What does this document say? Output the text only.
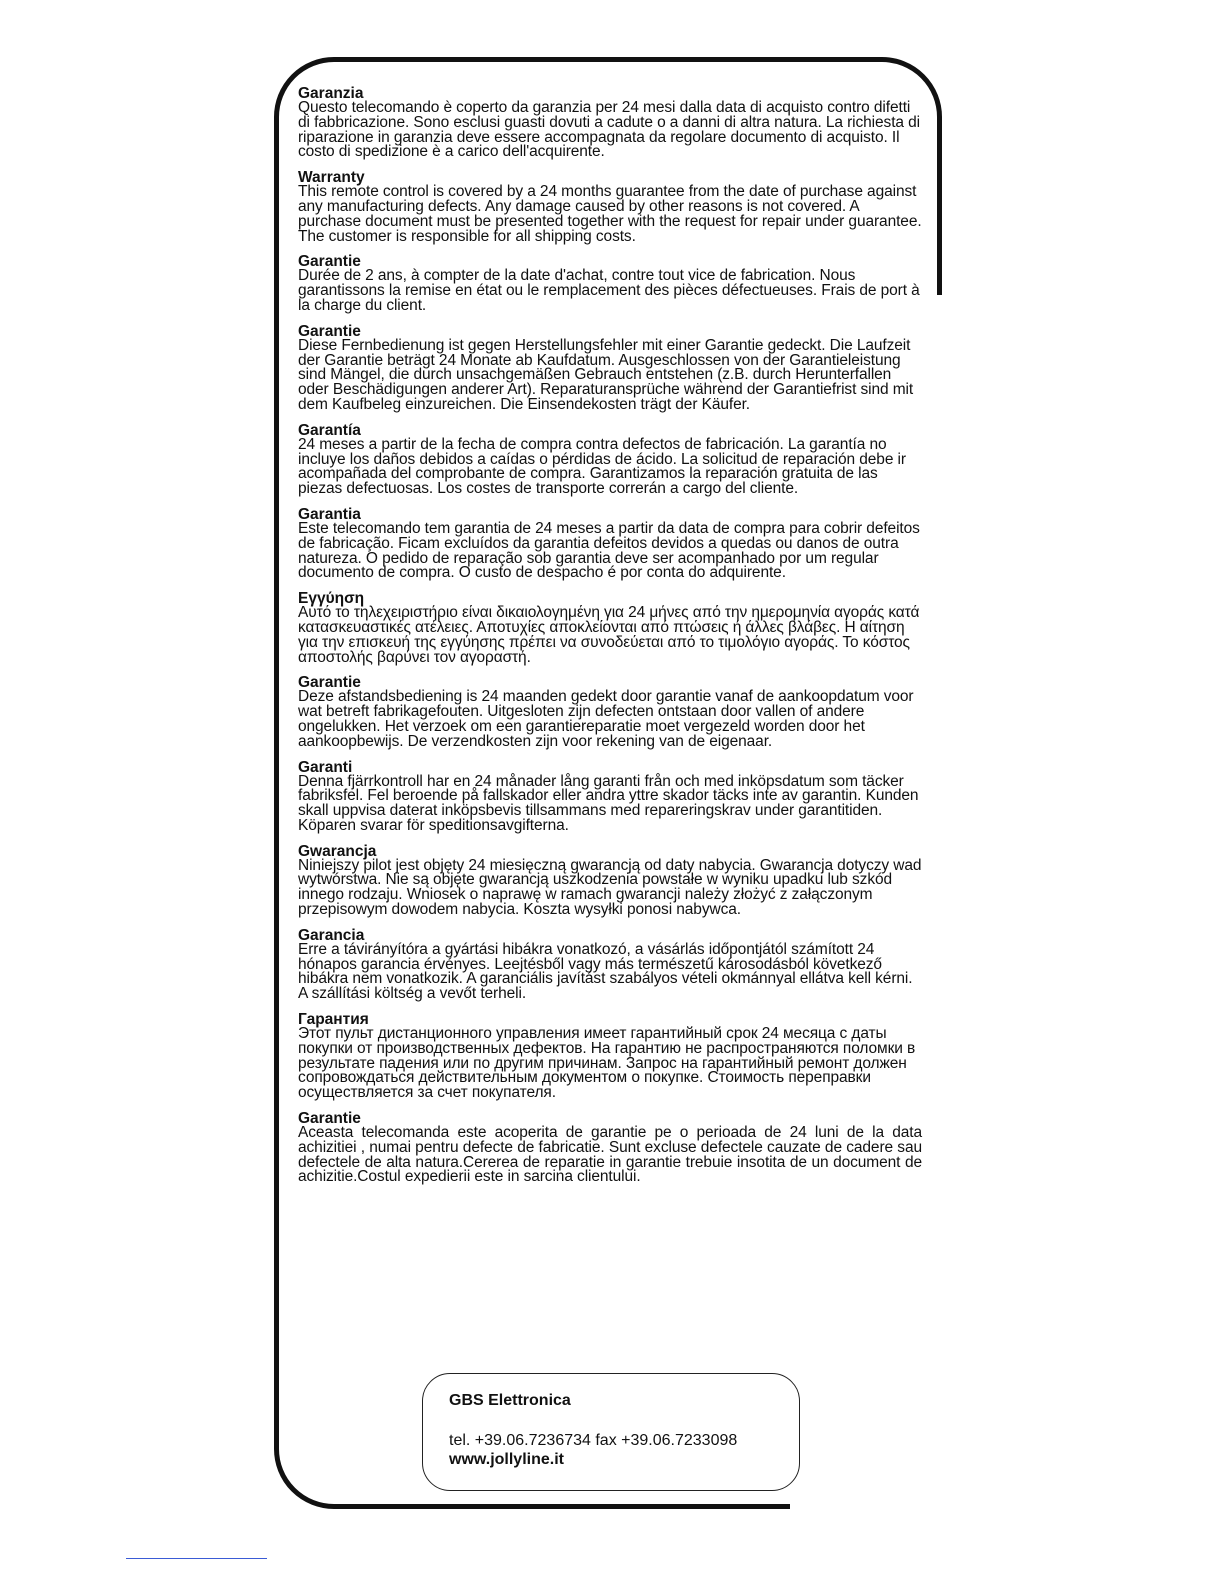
Garanzia

Questo telecomando è coperto da garanzia per 24 mesi dalla data di acquisto contro difetti di fabbricazione. Sono esclusi guasti dovuti a cadute o a danni di altra natura. La richiesta di riparazione in garanzia deve essere accompagnata da regolare documento di acquisto. Il costo di spedizione è a carico dell'acquirente.

Warranty

This remote control is covered by a 24 months guarantee from the date of purchase against any manufacturing defects. Any damage caused by other reasons is not covered. A purchase document must be presented together with the request for repair under guarantee. The customer is responsible for all shipping costs.

Garantie

Durée de 2 ans, à compter de la date d'achat, contre tout vice de fabrication. Nous garantissons la remise en état ou le remplacement des pièces défectueuses. Frais de port à la charge du client.

Garantie

Diese Fernbedienung ist gegen Herstellungsfehler mit einer Garantie gedeckt. Die Laufzeit der Garantie beträgt 24 Monate ab Kaufdatum. Ausgeschlossen von der Garantieleistung sind Mängel, die durch unsachgemäßen Gebrauch entstehen (z.B. durch Herunterfallen oder Beschädigungen anderer Art). Reparaturansprüche während der Garantiefrist sind mit dem Kaufbeleg einzureichen. Die Einsendekosten trägt der Käufer.

Garantía

24 meses a partir de la fecha de compra contra defectos de fabricación. La garantía no incluye los daños debidos a caídas o pérdidas de ácido. La solicitud de reparación debe ir acompañada del comprobante de compra. Garantizamos la reparación gratuita de las piezas defectuosas. Los costes de transporte correrán a cargo del cliente.

Garantia

Este telecomando tem garantia de 24 meses a partir da data de compra para cobrir defeitos de fabricação. Ficam excluídos da garantia defeitos devidos a quedas ou danos de outra natureza. O pedido de reparação sob garantia deve ser acompanhado por um regular documento de compra. O custo de despacho é por conta do adquirente.

Εγγύηση

Αυτό το τηλεχειριστήριο είναι δικαιολογημένη για 24 μήνες από την ημερομηνία αγοράς κατά κατασκευαστικές ατέλειες. Αποτυχίες αποκλείονται από πτώσεις ή άλλες βλάβες. Η αίτηση για την επισκευή της εγγύησης πρέπει να συνοδεύεται από το τιμολόγιο αγοράς. Το κόστος αποστολής βαρύνει τον αγοραστή.

Garantie

Deze afstandsbediening is 24 maanden gedekt door garantie vanaf de aankoopdatum voor wat betreft fabrikagefouten. Uitgesloten zijn defecten ontstaan door vallen of andere ongelukken. Het verzoek om een garantiereparatie moet vergezeld worden door het aankoopbewijs. De verzendkosten zijn voor rekening van de eigenaar.

Garanti

Denna fjärrkontroll har en 24 månader lång garanti från och med inköpsdatum som täcker fabriksfel. Fel beroende på fallskador eller andra yttre skador täcks inte av garantin. Kunden skall uppvisa daterat inköpsbevis tillsammans med repareringskrav under garantitiden. Köparen svarar för speditionsavgifterna.

Gwarancja

Niniejszy pilot jest objęty 24 miesięczną gwarancją od daty nabycia. Gwarancja dotyczy wad wytwórstwa. Nie są objęte gwarancją uszkodzenia powstałe w wyniku upadku lub szkód innego rodzaju. Wniosek o naprawę w ramach gwarancji należy złożyć z załączonym przepisowym dowodem nabycia. Koszta wysyłki ponosi nabywca.

Garancia

Erre a távirányítóra a gyártási hibákra vonatkozó, a vásárlás időpontjától számított 24 hónapos garancia érvényes. Leejtésből vagy más természetű károsodásból következő hibákra nem vonatkozik. A garanciális javítást szabályos vételi okmánnyal ellátva kell kérni. A szállítási költség a vevőt terheli.

Гарантия

Этот пульт дистанционного управления имеет гарантийный срок 24 месяца с даты покупки от производственных дефектов. На гарантию не распространяются поломки в результате падения или по другим причинам. Запрос на гарантийный ремонт должен сопровождаться действительным документом о покупке. Стоимость переправки осуществляется за счет покупателя.

Garantie

Aceasta telecomanda este acoperita de garantie pe o perioada de 24 luni de la data achizitiei , numai pentru defecte de fabricatie. Sunt excluse defectele cauzate de cadere sau defectele de alta natura.Cererea de reparatie in garantie trebuie insotita de un document de achizitie.Costul expedierii este in sarcina clientului.

GBS Elettronica
tel. +39.06.7236734 fax +39.06.7233098
www.jollyline.it
